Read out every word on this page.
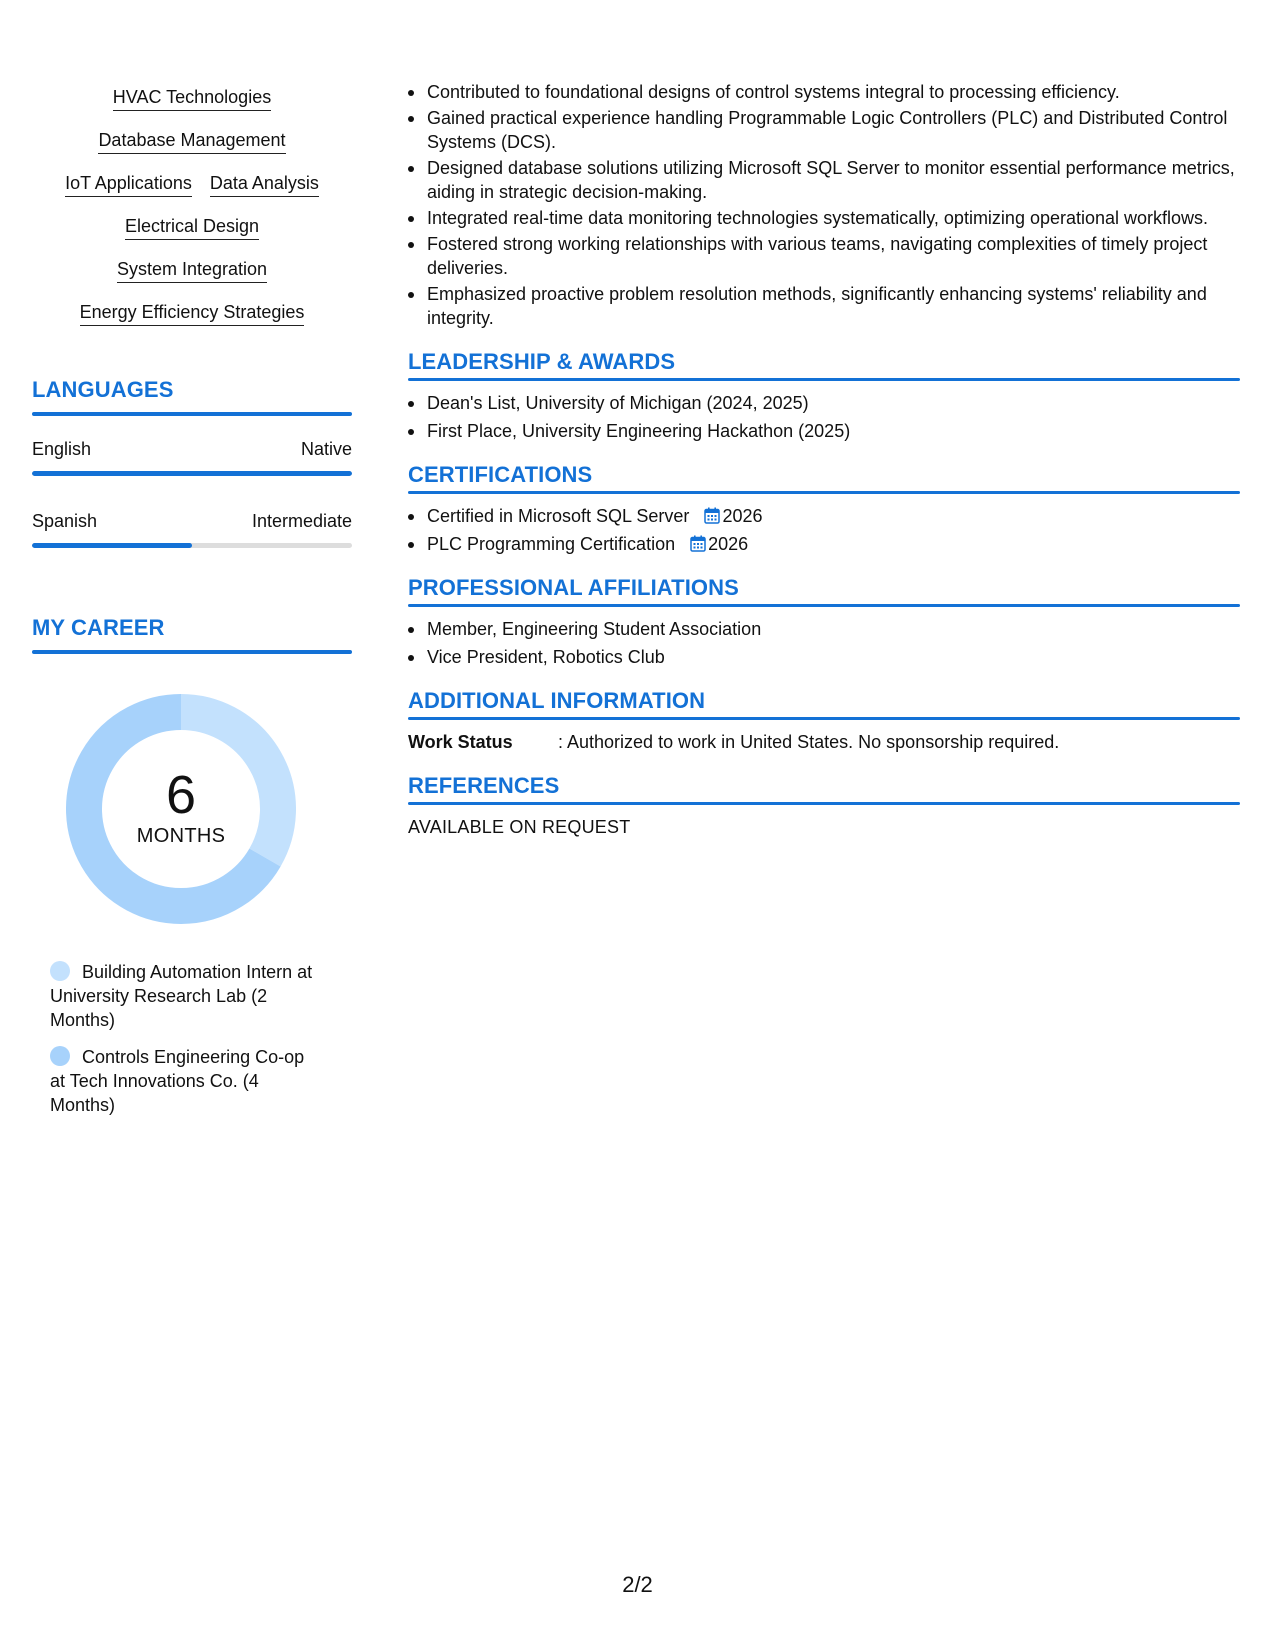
HVAC Technologies
Database Management
IoT Applications Data Analysis
Electrical Design
System Integration
Energy Efficiency Strategies
LANGUAGES
English	Native
Spanish	Intermediate
MY CAREER
6
MONTHS
Building Automation Intern at University Research Lab (2 Months)
Controls Engineering Co-op at Tech Innovations Co. (4 Months)
Contributed to foundational designs of control systems integral to processing efficiency.
Gained practical experience handling Programmable Logic Controllers (PLC) and Distributed Control Systems (DCS).
Designed database solutions utilizing Microsoft SQL Server to monitor essential performance metrics, aiding in strategic decision-making.
Integrated real-time data monitoring technologies systematically, optimizing operational workflows.
Fostered strong working relationships with various teams, navigating complexities of timely project deliveries.
Emphasized proactive problem resolution methods, significantly enhancing systems' reliability and integrity.
LEADERSHIP & AWARDS
Dean's List, University of Michigan (2024, 2025)
First Place, University Engineering Hackathon (2025)
CERTIFICATIONS
Certified in Microsoft SQL Server 2026
PLC Programming Certification 2026
PROFESSIONAL AFFILIATIONS
Member, Engineering Student Association
Vice President, Robotics Club
ADDITIONAL INFORMATION
Work Status	: Authorized to work in United States. No sponsorship required.
REFERENCES
AVAILABLE ON REQUEST
2/2
